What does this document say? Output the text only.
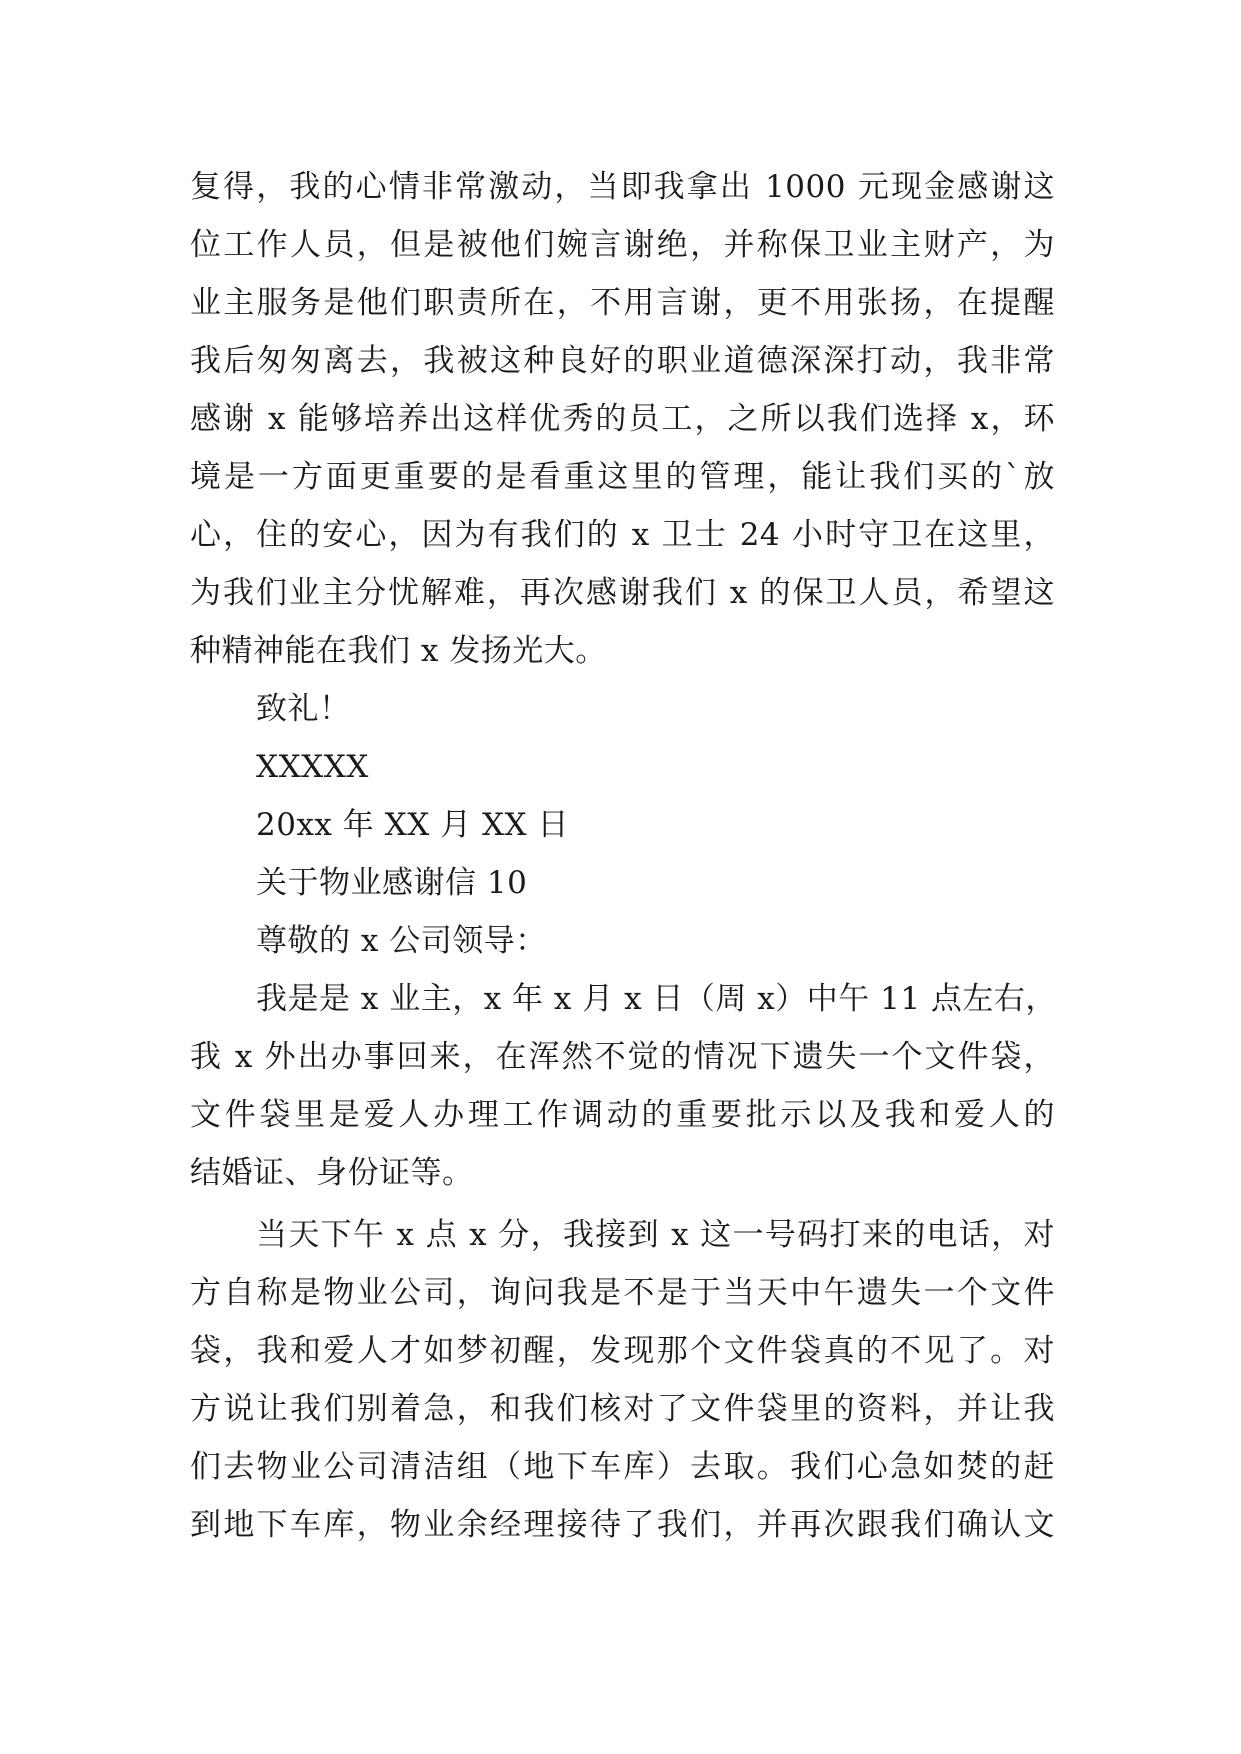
复得，我的心情非常激动，当即我拿出 1000 元现金感谢这
位工作人员，但是被他们婉言谢绝，并称保卫业主财产，为
业主服务是他们职责所在，不用言谢，更不用张扬，在提醒
我后匆匆离去，我被这种良好的职业道德深深打动，我非常
感谢 x 能够培养出这样优秀的员工，之所以我们选择 x，环
境是一方面更重要的是看重这里的管理，能让我们买的`放
心，住的安心，因为有我们的 x 卫士 24 小时守卫在这里，
为我们业主分忧解难，再次感谢我们 x 的保卫人员，希望这
种精神能在我们 x 发扬光大。
致礼！
XXXXX
20xx 年 XX 月 XX 日
关于物业感谢信 10
尊敬的 x 公司领导：
我是是 x 业主，x 年 x 月 x 日（周 x）中午 11 点左右，
我 x 外出办事回来，在浑然不觉的情况下遗失一个文件袋，
文件袋里是爱人办理工作调动的重要批示以及我和爱人的
结婚证、身份证等。
当天下午 x 点 x 分，我接到 x 这一号码打来的电话，对
方自称是物业公司，询问我是不是于当天中午遗失一个文件
袋，我和爱人才如梦初醒，发现那个文件袋真的不见了。对
方说让我们别着急，和我们核对了文件袋里的资料，并让我
们去物业公司清洁组（地下车库）去取。我们心急如焚的赶
到地下车库，物业余经理接待了我们，并再次跟我们确认文
